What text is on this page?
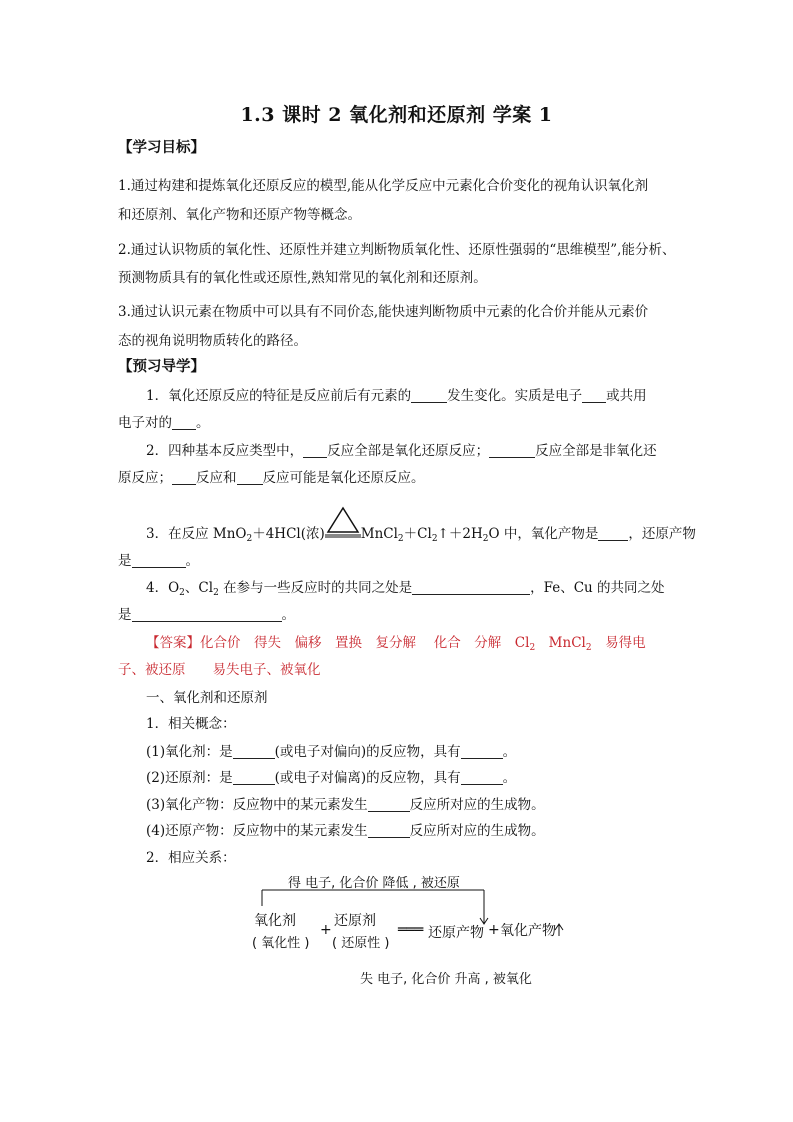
1.3 课时 2 氧化剂和还原剂 学案 1
【学习目标】
1.通过构建和提炼氧化还原反应的模型,能从化学反应中元素化合价变化的视角认识氧化剂
和还原剂、氧化产物和还原产物等概念。
2.通过认识物质的氧化性、还原性并建立判断物质氧化性、还原性强弱的“思维模型”,能分析、
预测物质具有的氧化性或还原性,熟知常见的氧化剂和还原剂。
3.通过认识元素在物质中可以具有不同价态,能快速判断物质中元素的化合价并能从元素价
态的视角说明物质转化的路径。
【预习导学】
1．氧化还原反应的特征是反应前后有元素的	发生变化。实质是电子 或共用
电子对的 。
2．四种基本反应类型中， 反应全部是氧化还原反应；	反应全部是非氧化还
原反应； 反应和 反应可能是氧化还原反应。
3．在反应 MnO$_2$＋4HCl(浓)	$MnCl_2+Cl_2↑+2H_2O$ 中，氧化产物是 ，还原产物
是	。
4．$O_2$、$Cl_2$ 在参与一些反应时的共同之处是	，Fe、Cu 的共同之处
是	。
【答案】化合价　得失　偏移　置换　复分解　 化合　分解　$Cl_2$　MnCl$_2$　易得电
子、被还原　　易失电子、被氧化
一、氧化剂和还原剂
1．相关概念：
(1)氧化剂：是	(或电子对偏向)的反应物，具有	。
(2)还原剂：是	(或电子对偏离)的反应物，具有	。
(3)氧化产物：反应物中的某元素发生	反应所对应的生成物。
(4)还原产物：反应物中的某元素发生	反应所对应的生成物。
2．相应关系：
得 电子, 化合价 降低 , 被还原
氧化剂
( 氧化性 )
+
还原剂
( 还原性 )
═══ 还原产物 + 氧化产物
失 电子, 化合价 升高 , 被氧化
